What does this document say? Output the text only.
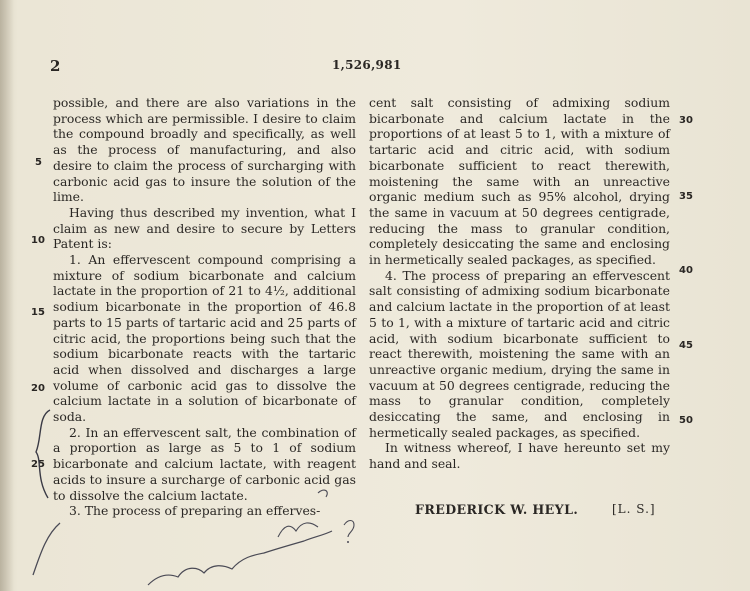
2	1,526,981

possible, and there are also variations in the process which are permissible. I desire to claim the compound broadly and specifically, as well as the process of manufacturing, and also desire to claim the process of surcharging with carbonic acid gas to insure the solution of the lime.

Having thus described my invention, what I claim as new and desire to secure by Letters Patent is:

1. An effervescent compound comprising a mixture of sodium bicarbonate and calcium lactate in the proportion of 21 to 4½, additional sodium bicarbonate in the proportion of 46.8 parts to 15 parts of tartaric acid and 25 parts of citric acid, the proportions being such that the sodium bicarbonate reacts with the tartaric acid when dissolved and discharges a large volume of carbonic acid gas to dissolve the calcium lactate in a solution of bicarbonate of soda.

2. In an effervescent salt, the combination of a proportion as large as 5 to 1 of sodium bicarbonate and calcium lactate, with reagent acids to insure a surcharge of carbonic acid gas to dissolve the calcium lactate.

3. The process of preparing an efferves-

cent salt consisting of admixing sodium bicarbonate and calcium lactate in the proportions of at least 5 to 1, with a mixture of tartaric acid and citric acid, with sodium bicarbonate sufficient to react therewith, moistening the same with an unreactive organic medium such as 95% alcohol, drying the same in vacuum at 50 degrees centigrade, reducing the mass to granular condition, completely desiccating the same and enclosing in hermetically sealed packages, as specified.

4. The process of preparing an effervescent salt consisting of admixing sodium bicarbonate and calcium lactate in the proportion of at least 5 to 1, with a mixture of tartaric acid and citric acid, with sodium bicarbonate sufficient to react therewith, moistening the same with an unreactive organic medium, drying the same in vacuum at 50 degrees centigrade, reducing the mass to granular condition, completely desiccating the same, and enclosing in hermetically sealed packages, as specified.

In witness whereof, I have hereunto set my hand and seal.

5
10
15
20
25
30
35
40
45
50
FREDERICK W. HEYL.	[L. S.]
